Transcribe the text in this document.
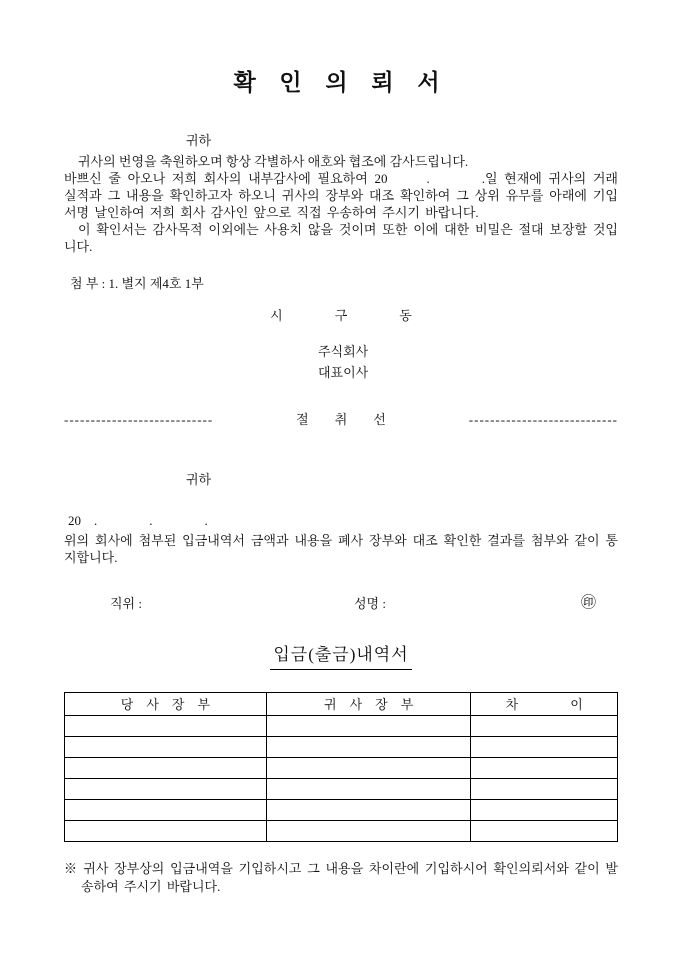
확 인 의 뢰 서
귀하

귀사의 번영을 축원하오며 항상 각별하사 애호와 협조에 감사드립니다.

바쁘신 줄 아오나 저희 회사의 내부감사에 필요하여 20   .    .일 현재에 귀사의 거래 실적과 그 내용을 확인하고자 하오니 귀사의 장부와 대조 확인하여 그 상위 유무를 아래에 기입 서명 날인하여 저희 회사 감사인 앞으로 직접 우송하여 주시기 바랍니다.

이 확인서는 감사목적 이외에는 사용치 않을 것이며 또한 이에 대한 비밀은 절대 보장할 것입니다.

첨 부 : 1. 별지 제4호 1부
시    구    동
주식회사
대표이사
----------------------------	절  취  선	----------------------------
귀하
20 .    .    .

위의 회사에 첨부된 입금내역서 금액과 내용을 폐사 장부와 대조 확인한 결과를 첨부와 같이 통지합니다.

직위 :	성명 :	㊞
입금(출금)내역서
당 사 장 부	귀 사 장 부	차    이

※ 귀사 장부상의 입금내역을 기입하시고 그 내용을 차이란에 기입하시어 확인의뢰서와 같이 발송하여 주시기 바랍니다.
